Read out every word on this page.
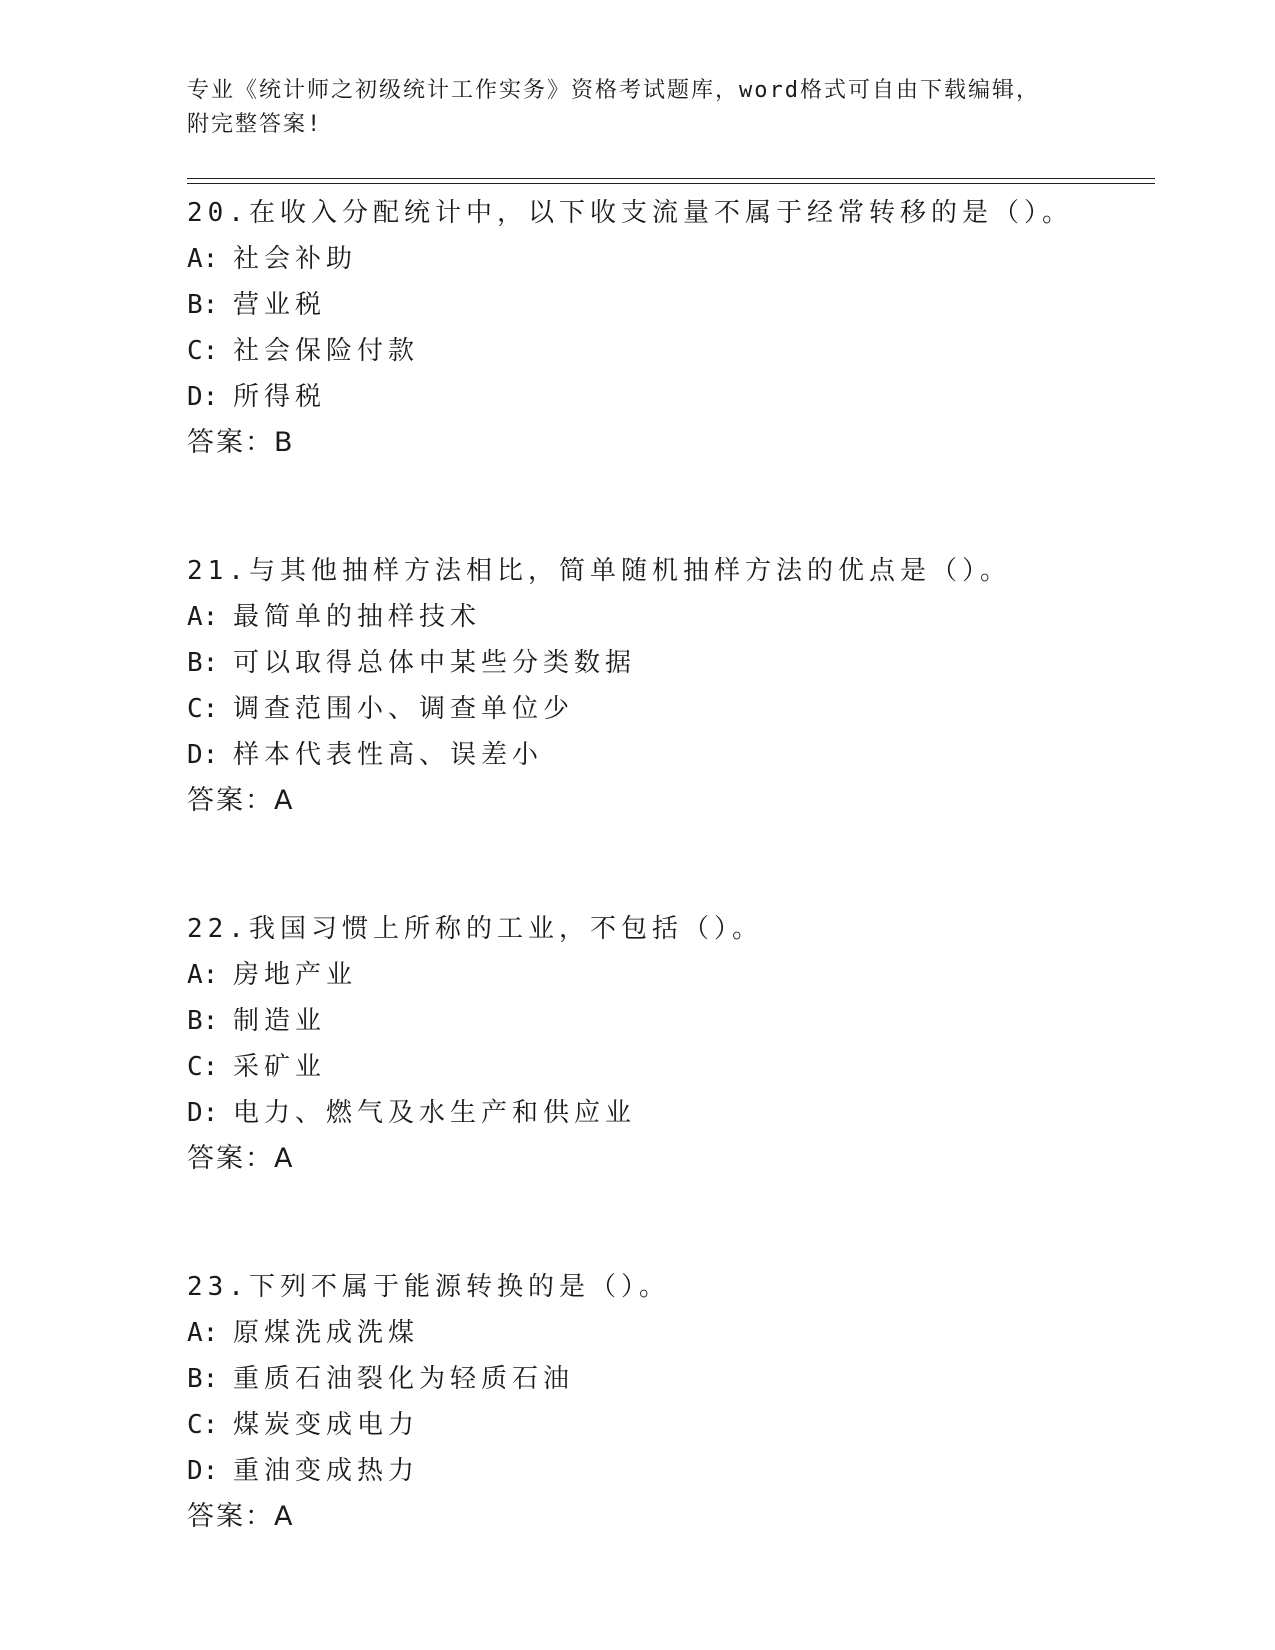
专业《统计师之初级统计工作实务》资格考试题库，word格式可自由下载编辑，
附完整答案!
20.在收入分配统计中，以下收支流量不属于经常转移的是（）。
A: 社会补助
B: 营业税
C: 社会保险付款
D: 所得税
答案：B
21.与其他抽样方法相比，简单随机抽样方法的优点是（）。
A: 最简单的抽样技术
B: 可以取得总体中某些分类数据
C: 调查范围小、调查单位少
D: 样本代表性高、误差小
答案：A
22.我国习惯上所称的工业，不包括（）。
A: 房地产业
B: 制造业
C: 采矿业
D: 电力、燃气及水生产和供应业
答案：A
23.下列不属于能源转换的是（）。
A: 原煤洗成洗煤
B: 重质石油裂化为轻质石油
C: 煤炭变成电力
D: 重油变成热力
答案：A
